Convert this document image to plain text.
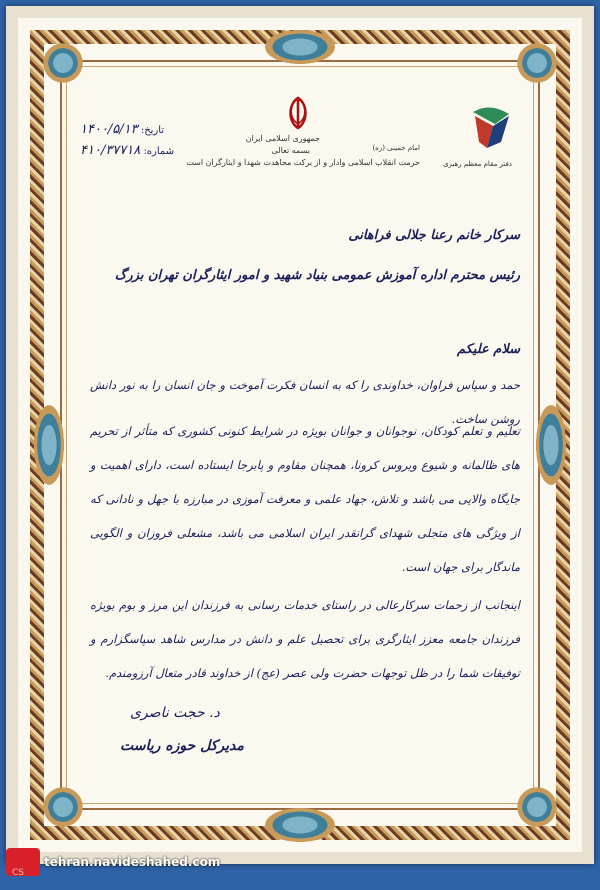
دفتر مقام معظم رهبری
جمهوری اسلامی ایران
بسمه تعالی	امام خمینی (ره)
حرمت انقلاب اسلامی وادار و از برکت مجاهدت شهدا و ایثارگران است
تاریخ: ۱۴۰۰/۵/۱۳
شماره: ۴۱۰/۳۷۷۱۸
سرکار خانم رعنا جلالی فراهانی
رئیس محترم اداره آموزش عمومی بنیاد شهید و امور ایثارگران تهران بزرگ
سلام علیکم
حمد و سپاس فراوان، خداوندی را که به انسان فکرت آموخت و جان انسان را به نور دانش روشن ساخت.
تعلیم و تعلم کودکان، نوجوانان و جوانان بویژه در شرایط کنونی کشوری که متأثر از تحریم های ظالمانه و شیوع ویروس کرونا، همچنان مقاوم و پابرجا ایستاده است، دارای اهمیت و جایگاه والایی می باشد و تلاش، جهاد علمی و معرفت آموزی در مبارزه با جهل و نادانی که از ویژگی های متجلی شهدای گرانقدر ایران اسلامی می باشد، مشعلی فروزان و الگویی ماندگار برای جهان است.
اینجانب از زحمات سرکارعالی در راستای خدمات رسانی به فرزندان این مرز و بوم بویژه فرزندان جامعه معزز ایثارگری برای تحصیل علم و دانش در مدارس شاهد سپاسگزارم و توفیقات شما را در ظل توجهات حضرت ولی عصر (عج) از خداوند قادر متعال آرزومندم.
د. حجت ناصری
مدیرکل حوزه ریاست
tehran.navideshahed.com
CS
